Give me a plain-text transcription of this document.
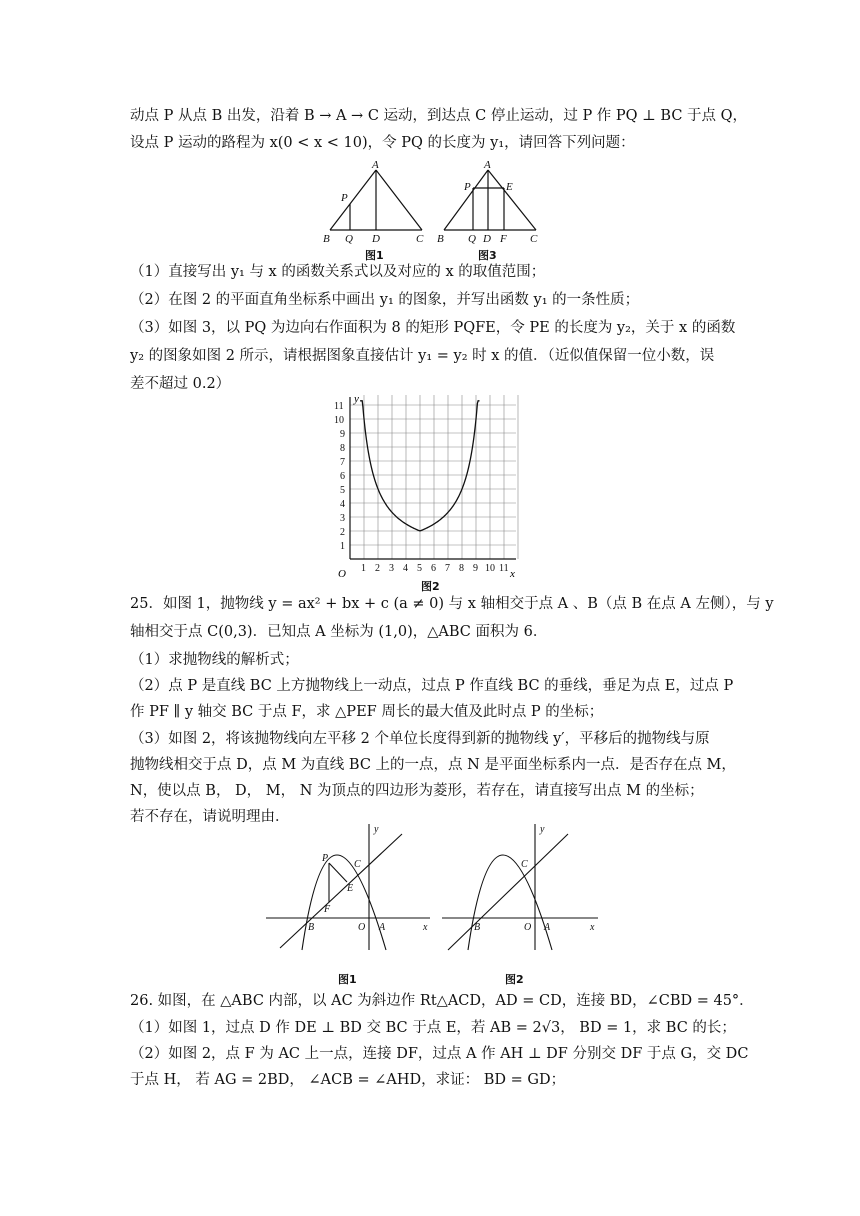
动点 P 从点 B 出发，沿着 B → A → C 运动，到达点 C 停止运动，过 P 作 PQ ⊥ BC 于点 Q，
设点 P 运动的路程为 x(0 < x < 10)，令 PQ 的长度为 y₁，请回答下列问题：
A
P
B Q D	C
图1
A
P	E
B Q D F C
图3
（1）直接写出 y₁ 与 x 的函数关系式以及对应的 x 的取值范围；
（2）在图 2 的平面直角坐标系中画出 y₁ 的图象，并写出函数 y₁ 的一条性质；
（3）如图 3，以 PQ 为边向右作面积为 8 的矩形 PQFE，令 PE 的长度为 y₂，关于 x 的函数
y₂ 的图象如图 2 所示，请根据图象直接估计 y₁ = y₂ 时 x 的值．（近似值保留一位小数，误
差不超过 0.2）
1 2 3 4 5 6 7 8 9 10 11
1
2
3
4
5
6
7
8
9
10
11
O	x
y
图2
25．如图 1，抛物线 y = ax² + bx + c (a ≠ 0) 与 x 轴相交于点 A 、B（点 B 在点 A 左侧），与 y
轴相交于点 C(0,3)．已知点 A 坐标为 (1,0)，△ABC 面积为 6．
（1）求抛物线的解析式；
（2）点 P 是直线 BC 上方抛物线上一动点，过点 P 作直线 BC 的垂线，垂足为点 E，过点 P
作 PF ∥ y 轴交 BC 于点 F，求 △PEF 周长的最大值及此时点 P 的坐标；
（3）如图 2，将该抛物线向左平移 2 个单位长度得到新的抛物线 y′，平移后的抛物线与原
抛物线相交于点 D，点 M 为直线 BC 上的一点，点 N 是平面坐标系内一点．是否存在点 M，
N，使以点 B， D， M， N 为顶点的四边形为菱形，若存在，请直接写出点 M 的坐标；
若不存在，请说明理由．
y
P
C
E
F
B	O A	x
图1
y
C
B	O A	x
图2
26. 如图，在 △ABC 内部，以 AC 为斜边作 Rt△ACD，AD = CD，连接 BD，∠CBD = 45°．
（1）如图 1，过点 D 作 DE ⊥ BD 交 BC 于点 E，若 AB = 2√3， BD = 1，求 BC 的长；
（2）如图 2，点 F 为 AC 上一点，连接 DF，过点 A 作 AH ⊥ DF 分别交 DF 于点 G，交 DC
于点 H， 若 AG = 2BD， ∠ACB = ∠AHD，求证： BD = GD；
